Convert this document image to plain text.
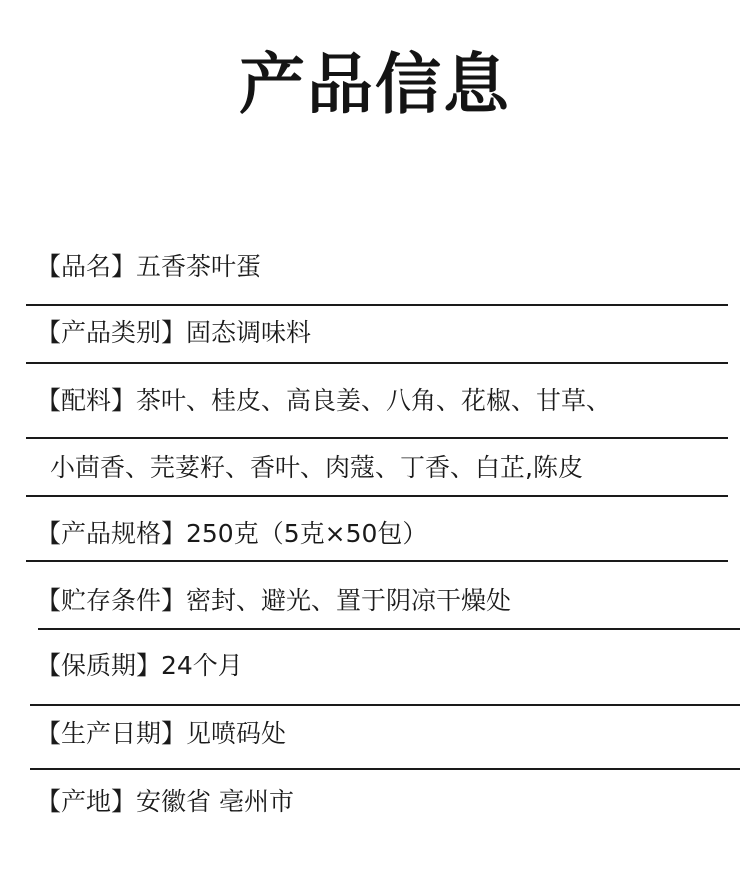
产品信息
【品名】五香茶叶蛋
【产品类别】固态调味料
【配料】茶叶、桂皮、高良姜、八角、花椒、甘草、
小茴香、芫荽籽、香叶、肉蔻、丁香、白芷,陈皮
【产品规格】250克（5克×50包）
【贮存条件】密封、避光、置于阴凉干燥处
【保质期】24个月
【生产日期】见喷码处
【产地】安徽省 亳州市
